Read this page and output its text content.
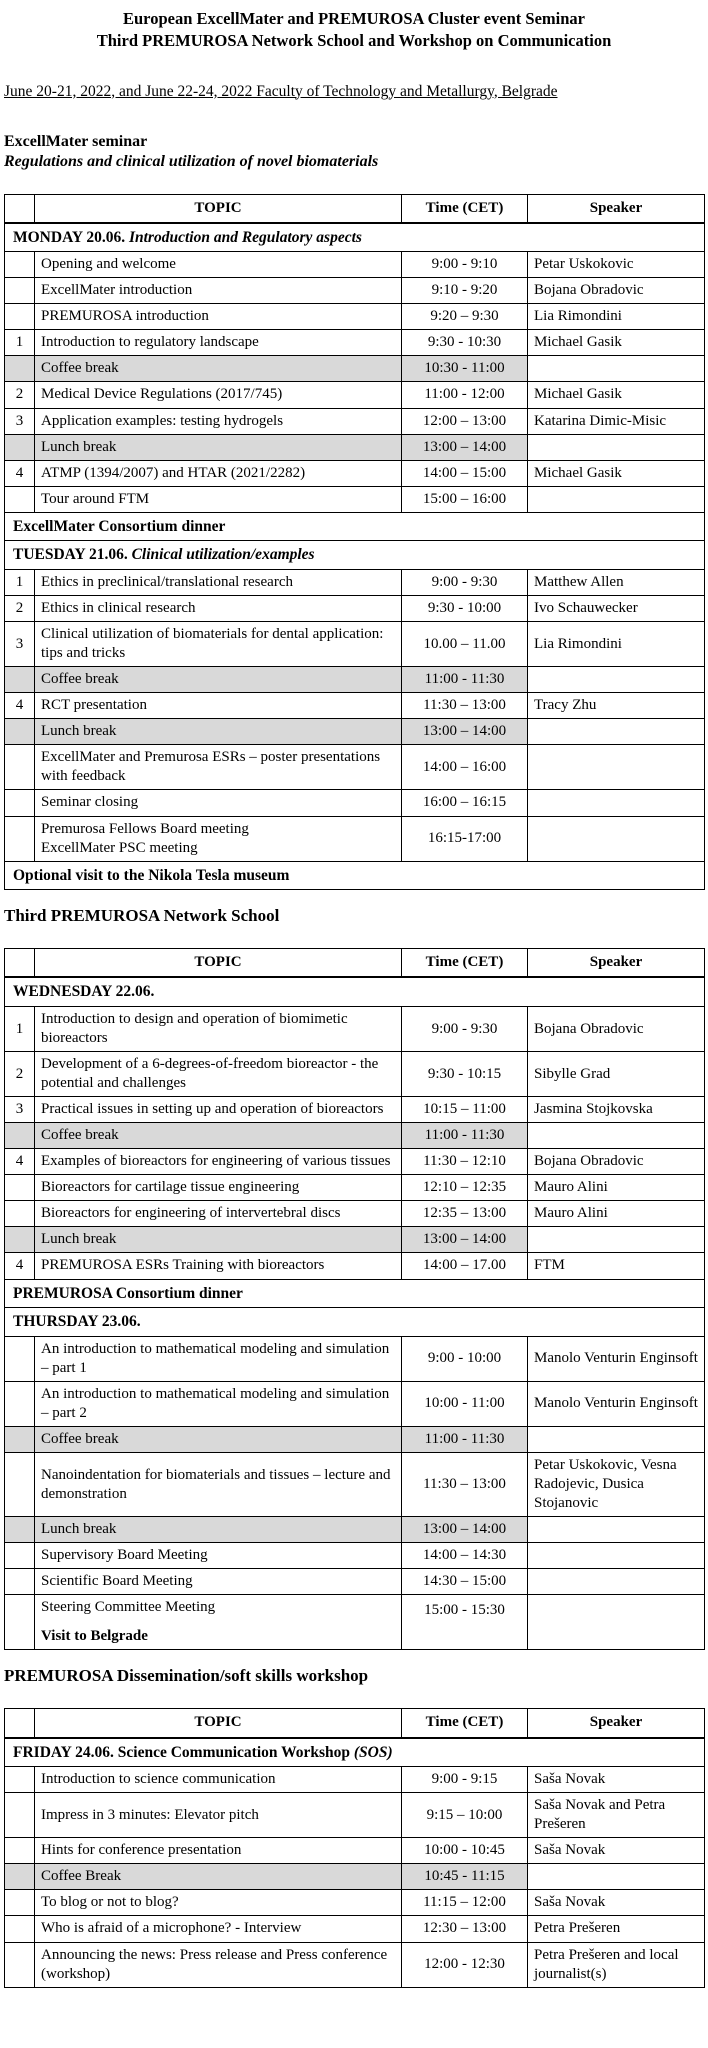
European ExcellMater and PREMUROSA Cluster event Seminar
Third PREMUROSA Network School and Workshop on Communication
June 20-21, 2022, and June 22-24, 2022 Faculty of Technology and Metallurgy, Belgrade
ExcellMater seminar
Regulations and clinical utilization of novel biomaterials
	TOPIC	Time (CET)	Speaker
MONDAY 20.06. Introduction and Regulatory aspects			

	Opening and welcome	9:00 - 9:10	Petar Uskokovic

	ExcellMater introduction	9:10 - 9:20	Bojana Obradovic

	PREMUROSA introduction	9:20 – 9:30	Lia Rimondini
1	Introduction to regulatory landscape	9:30 - 10:30	Michael Gasik

	Coffee break	10:30 - 11:00	
2	Medical Device Regulations (2017/745)	11:00 - 12:00	Michael Gasik
3	Application examples: testing hydrogels	12:00 – 13:00	Katarina Dimic-Misic

	Lunch break	13:00 – 14:00	
4	ATMP (1394/2007) and HTAR (2021/2282)	14:00 – 15:00	Michael Gasik

	Tour around FTM	15:00 – 16:00	
ExcellMater Consortium dinner			
TUESDAY 21.06. Clinical utilization/examples			
1	Ethics in preclinical/translational research	9:00 - 9:30	Matthew Allen
2	Ethics in clinical research	9:30 - 10:00	Ivo Schauwecker
3	Clinical utilization of biomaterials for dental application: tips and tricks	10.00 – 11.00	Lia Rimondini

	Coffee break	11:00 - 11:30	
4	RCT presentation	11:30 – 13:00	Tracy Zhu

	Lunch break	13:00 – 14:00	

	ExcellMater and Premurosa ESRs – poster presentations with feedback	14:00 – 16:00	

	Seminar closing	16:00 – 16:15	

	Premurosa Fellows Board meeting
ExcellMater PSC meeting	16:15-17:00	
Optional visit to the Nikola Tesla museum			
Third PREMUROSA Network School
	TOPIC	Time (CET)	Speaker
WEDNESDAY 22.06.			
1	Introduction to design and operation of biomimetic bioreactors	9:00 - 9:30	Bojana Obradovic
2	Development of a 6-degrees-of-freedom bioreactor - the potential and challenges	9:30 - 10:15	Sibylle Grad
3	Practical issues in setting up and operation of bioreactors	10:15 – 11:00	Jasmina Stojkovska

	Coffee break	11:00 - 11:30	
4	Examples of bioreactors for engineering of various tissues	11:30 – 12:10	Bojana Obradovic

	Bioreactors for cartilage tissue engineering	12:10 – 12:35	Mauro Alini

	Bioreactors for engineering of intervertebral discs	12:35 – 13:00	Mauro Alini

	Lunch break	13:00 – 14:00	
4	PREMUROSA ESRs Training with bioreactors	14:00 – 17.00	FTM
PREMUROSA Consortium dinner			
THURSDAY 23.06.			

	An introduction to mathematical modeling and simulation – part 1	9:00 - 10:00	Manolo Venturin Enginsoft

	An introduction to mathematical modeling and simulation – part 2	10:00 - 11:00	Manolo Venturin Enginsoft

	Coffee break	11:00 - 11:30	

	Nanoindentation for biomaterials and tissues – lecture and demonstration	11:30 – 13:00	Petar Uskokovic, Vesna Radojevic, Dusica Stojanovic

	Lunch break	13:00 – 14:00	

	Supervisory Board Meeting	14:00 – 14:30	

	Scientific Board Meeting	14:30 – 15:00	

	Steering Committee Meeting
Visit to Belgrade	15:00 - 15:30	
PREMUROSA Dissemination/soft skills workshop
	TOPIC	Time (CET)	Speaker
FRIDAY 24.06. Science Communication Workshop (SOS)			

	Introduction to science communication	9:00 - 9:15	Saša Novak

	Impress in 3 minutes: Elevator pitch	9:15 – 10:00	Saša Novak and Petra Prešeren

	Hints for conference presentation	10:00 - 10:45	Saša Novak

	Coffee Break	10:45 - 11:15	

	To blog or not to blog?	11:15 – 12:00	Saša Novak

	Who is afraid of a microphone? - Interview	12:30 – 13:00	Petra Prešeren

	Announcing the news: Press release and Press conference (workshop)	12:00 - 12:30	Petra Prešeren and local journalist(s)
